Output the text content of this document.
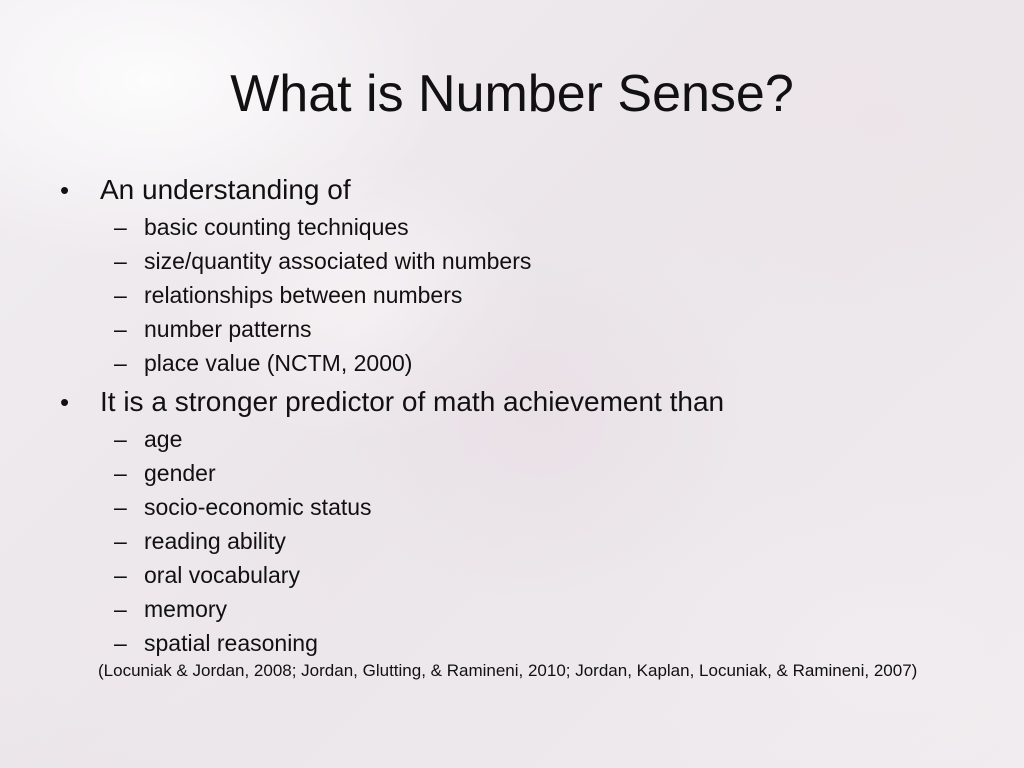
What is Number Sense?
•	An understanding of
– basic counting techniques
– size/quantity associated with numbers
– relationships between numbers
– number patterns
– place value (NCTM, 2000)
•	It is a stronger predictor of math achievement than
– age
– gender
– socio-economic status
– reading ability
– oral vocabulary
– memory
– spatial reasoning
(Locuniak & Jordan, 2008; Jordan, Glutting, & Ramineni, 2010; Jordan, Kaplan, Locuniak, & Ramineni, 2007)
